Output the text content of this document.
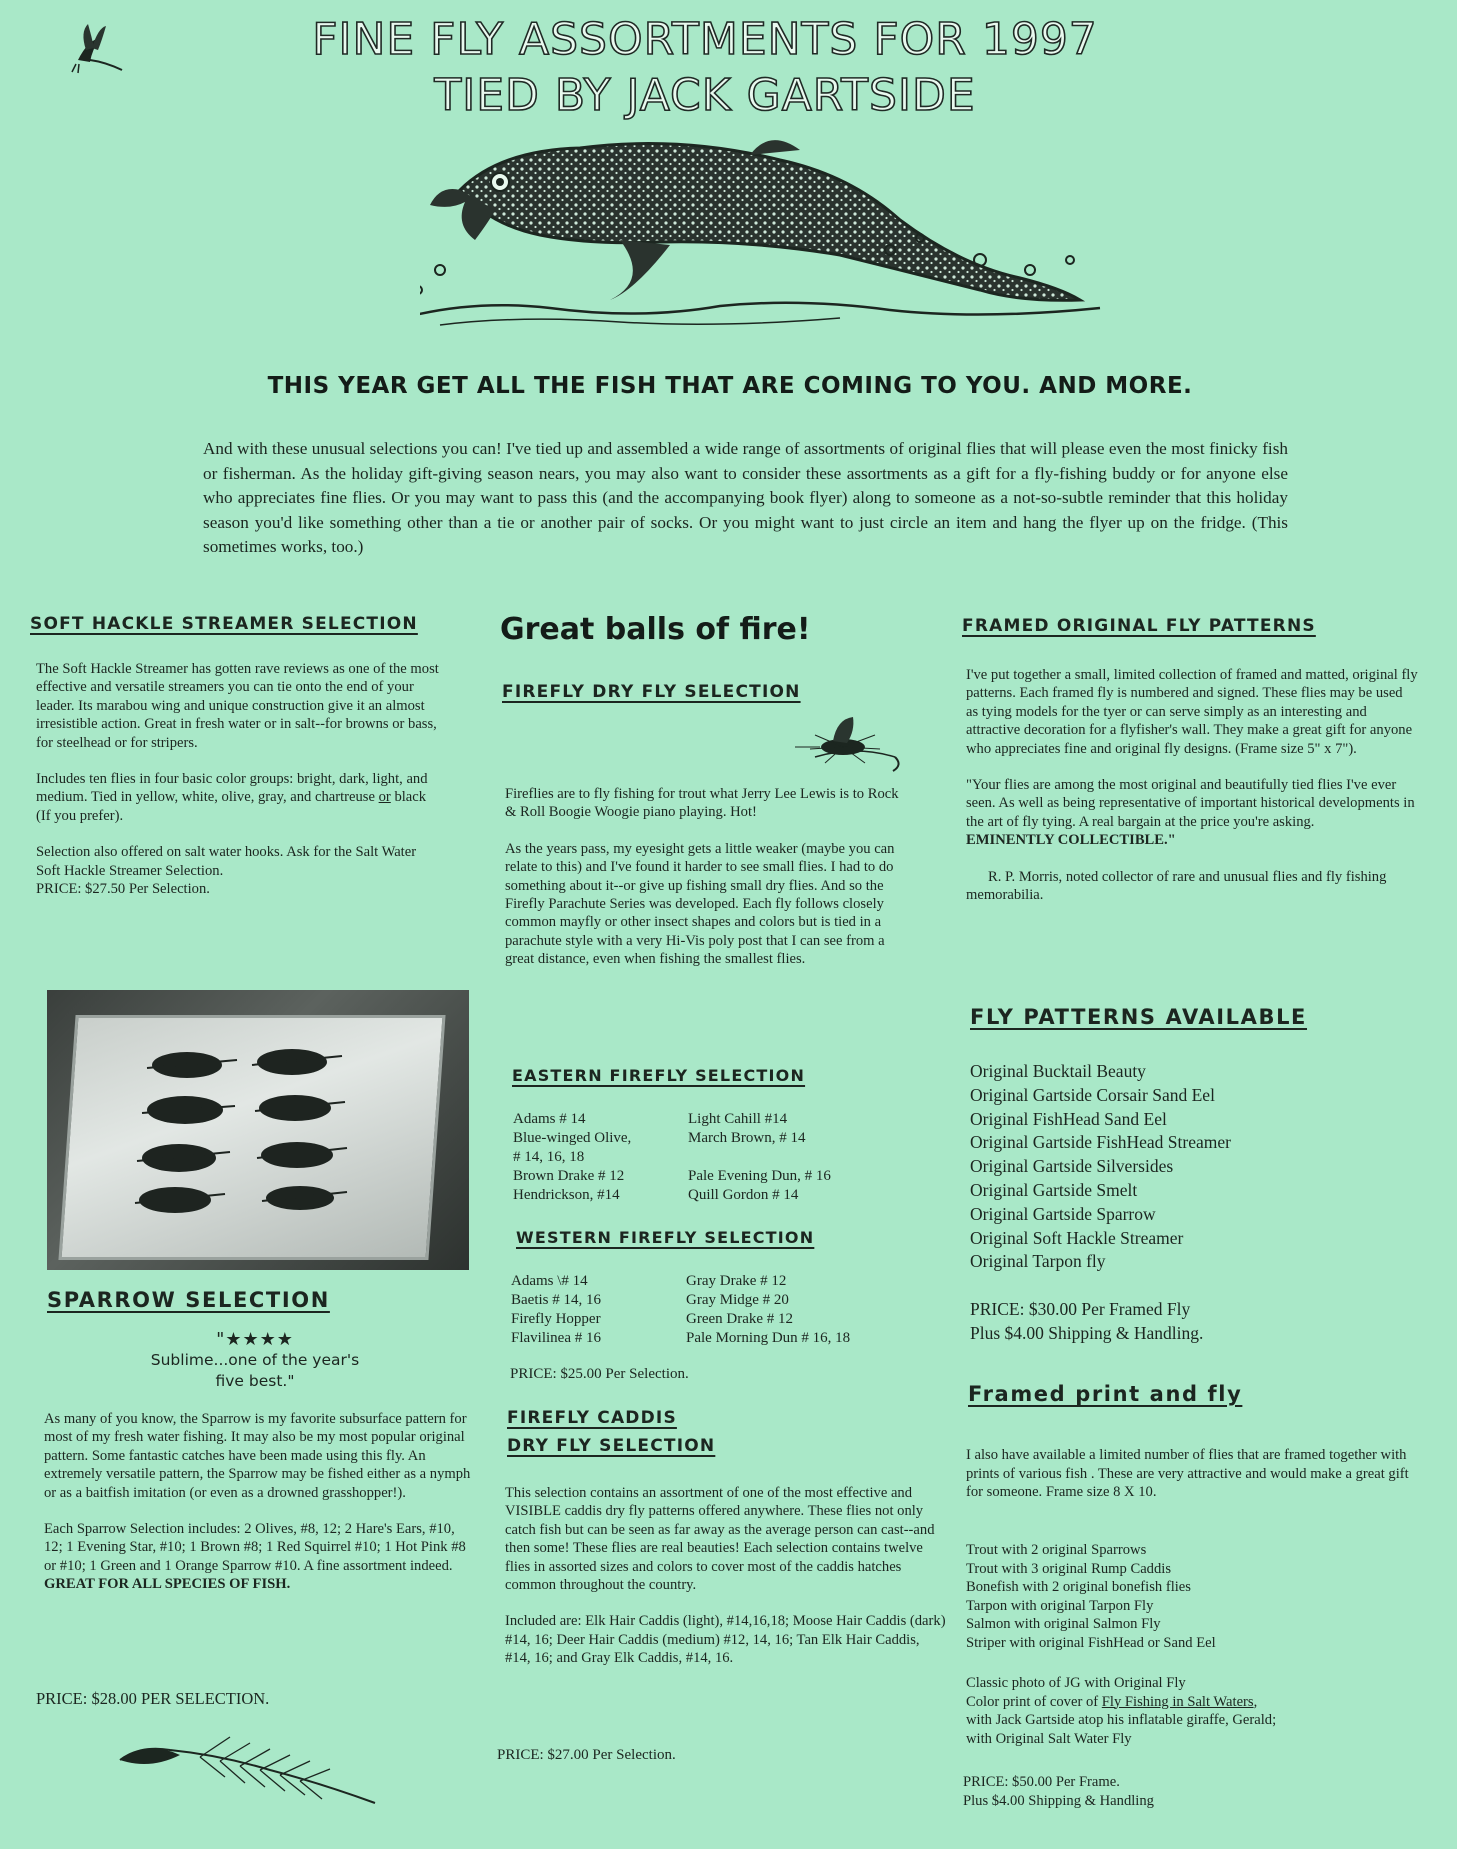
FINE FLY ASSORTMENTS FOR 1997
TIED BY JACK GARTSIDE
THIS YEAR GET ALL THE FISH THAT ARE COMING TO YOU. AND MORE.
And with these unusual selections you can! I've tied up and assembled a wide range of assortments of original flies that will please even the most finicky fish or fisherman. As the holiday gift-giving season nears, you may also want to consider these assortments as a gift for a fly-fishing buddy or for anyone else who appreciates fine flies. Or you may want to pass this (and the accompanying book flyer) along to someone as a not-so-subtle reminder that this holiday season you'd like something other than a tie or another pair of socks. Or you might want to just circle an item and hang the flyer up on the fridge. (This sometimes works, too.)
SOFT HACKLE STREAMER SELECTION

The Soft Hackle Streamer has gotten rave reviews as one of the most effective and versatile streamers you can tie onto the end of your leader. Its marabou wing and unique construction give it an almost irresistible action. Great in fresh water or in salt--for browns or bass, for steelhead or for stripers.

Includes ten flies in four basic color groups: bright, dark, light, and medium. Tied in yellow, white, olive, gray, and chartreuse or black (If you prefer).

Selection also offered on salt water hooks. Ask for the Salt Water Soft Hackle Streamer Selection.
PRICE: $27.50 Per Selection.

SPARROW SELECTION
"★★★★
Sublime...one of the year's five best."

As many of you know, the Sparrow is my favorite subsurface pattern for most of my fresh water fishing. It may also be my most popular original pattern. Some fantastic catches have been made using this fly. An extremely versatile pattern, the Sparrow may be fished either as a nymph or as a baitfish imitation (or even as a drowned grasshopper!).

Each Sparrow Selection includes: 2 Olives, #8, 12; 2 Hare's Ears, #10, 12; 1 Evening Star, #10; 1 Brown #8; 1 Red Squirrel #10; 1 Hot Pink #8 or #10; 1 Green and 1 Orange Sparrow #10. A fine assortment indeed.
GREAT FOR ALL SPECIES OF FISH.

PRICE: $28.00 PER SELECTION.
Great balls of fire!
FIREFLY DRY FLY SELECTION

Fireflies are to fly fishing for trout what Jerry Lee Lewis is to Rock & Roll Boogie Woogie piano playing. Hot!

As the years pass, my eyesight gets a little weaker (maybe you can relate to this) and I've found it harder to see small flies. I had to do something about it--or give up fishing small dry flies. And so the Firefly Parachute Series was developed. Each fly follows closely common mayfly or other insect shapes and colors but is tied in a parachute style with a very Hi-Vis poly post that I can see from a great distance, even when fishing the smallest flies.

EASTERN FIREFLY SELECTION
Adams # 14	Light Cahill #14
Blue-winged Olive,	March Brown, # 14
# 14, 16, 18
Brown Drake # 12	Pale Evening Dun, # 16
Hendrickson, #14	Quill Gordon # 14
WESTERN FIREFLY SELECTION
Adams \# 14	Gray Drake # 12
Baetis # 14, 16	Gray Midge # 20
Firefly Hopper	Green Drake # 12
Flavilinea # 16	Pale Morning Dun # 16, 18
PRICE: $25.00 Per Selection.
FIREFLY CADDIS
DRY FLY SELECTION

This selection contains an assortment of one of the most effective and VISIBLE caddis dry fly patterns offered anywhere. These flies not only catch fish but can be seen as far away as the average person can cast--and then some! These flies are real beauties! Each selection contains twelve flies in assorted sizes and colors to cover most of the caddis hatches common throughout the country.

Included are: Elk Hair Caddis (light), #14,16,18; Moose Hair Caddis (dark) #14, 16; Deer Hair Caddis (medium) #12, 14, 16; Tan Elk Hair Caddis, #14, 16; and Gray Elk Caddis, #14, 16.

PRICE: $27.00 Per Selection.
FRAMED ORIGINAL FLY PATTERNS

I've put together a small, limited collection of framed and matted, original fly patterns. Each framed fly is numbered and signed. These flies may be used as tying models for the tyer or can serve simply as an interesting and attractive decoration for a flyfisher's wall. They make a great gift for anyone who appreciates fine and original fly designs. (Frame size 5" x 7").

"Your flies are among the most original and beautifully tied flies I've ever seen. As well as being representative of important historical developments in the art of fly tying. A real bargain at the price you're asking.
EMINENTLY COLLECTIBLE."

R. P. Morris, noted collector of rare and unusual flies and fly fishing memorabilia.

FLY PATTERNS AVAILABLE
Original Bucktail Beauty
Original Gartside Corsair Sand Eel
Original FishHead Sand Eel
Original Gartside FishHead Streamer
Original Gartside Silversides
Original Gartside Smelt
Original Gartside Sparrow
Original Soft Hackle Streamer
Original Tarpon fly
PRICE: $30.00 Per Framed Fly
Plus $4.00 Shipping & Handling.
Framed print and fly
I also have available a limited number of flies that are framed together with prints of various fish . These are very attractive and would make a great gift for someone. Frame size 8 X 10.
Trout with 2 original Sparrows
Trout with 3 original Rump Caddis
Bonefish with 2 original bonefish flies
Tarpon with original Tarpon Fly
Salmon with original Salmon Fly
Striper with original FishHead or Sand Eel
Classic photo of JG with Original Fly
Color print of cover of Fly Fishing in Salt Waters,
with Jack Gartside atop his inflatable giraffe, Gerald;
with Original Salt Water Fly
PRICE: $50.00 Per Frame.
Plus $4.00 Shipping & Handling
